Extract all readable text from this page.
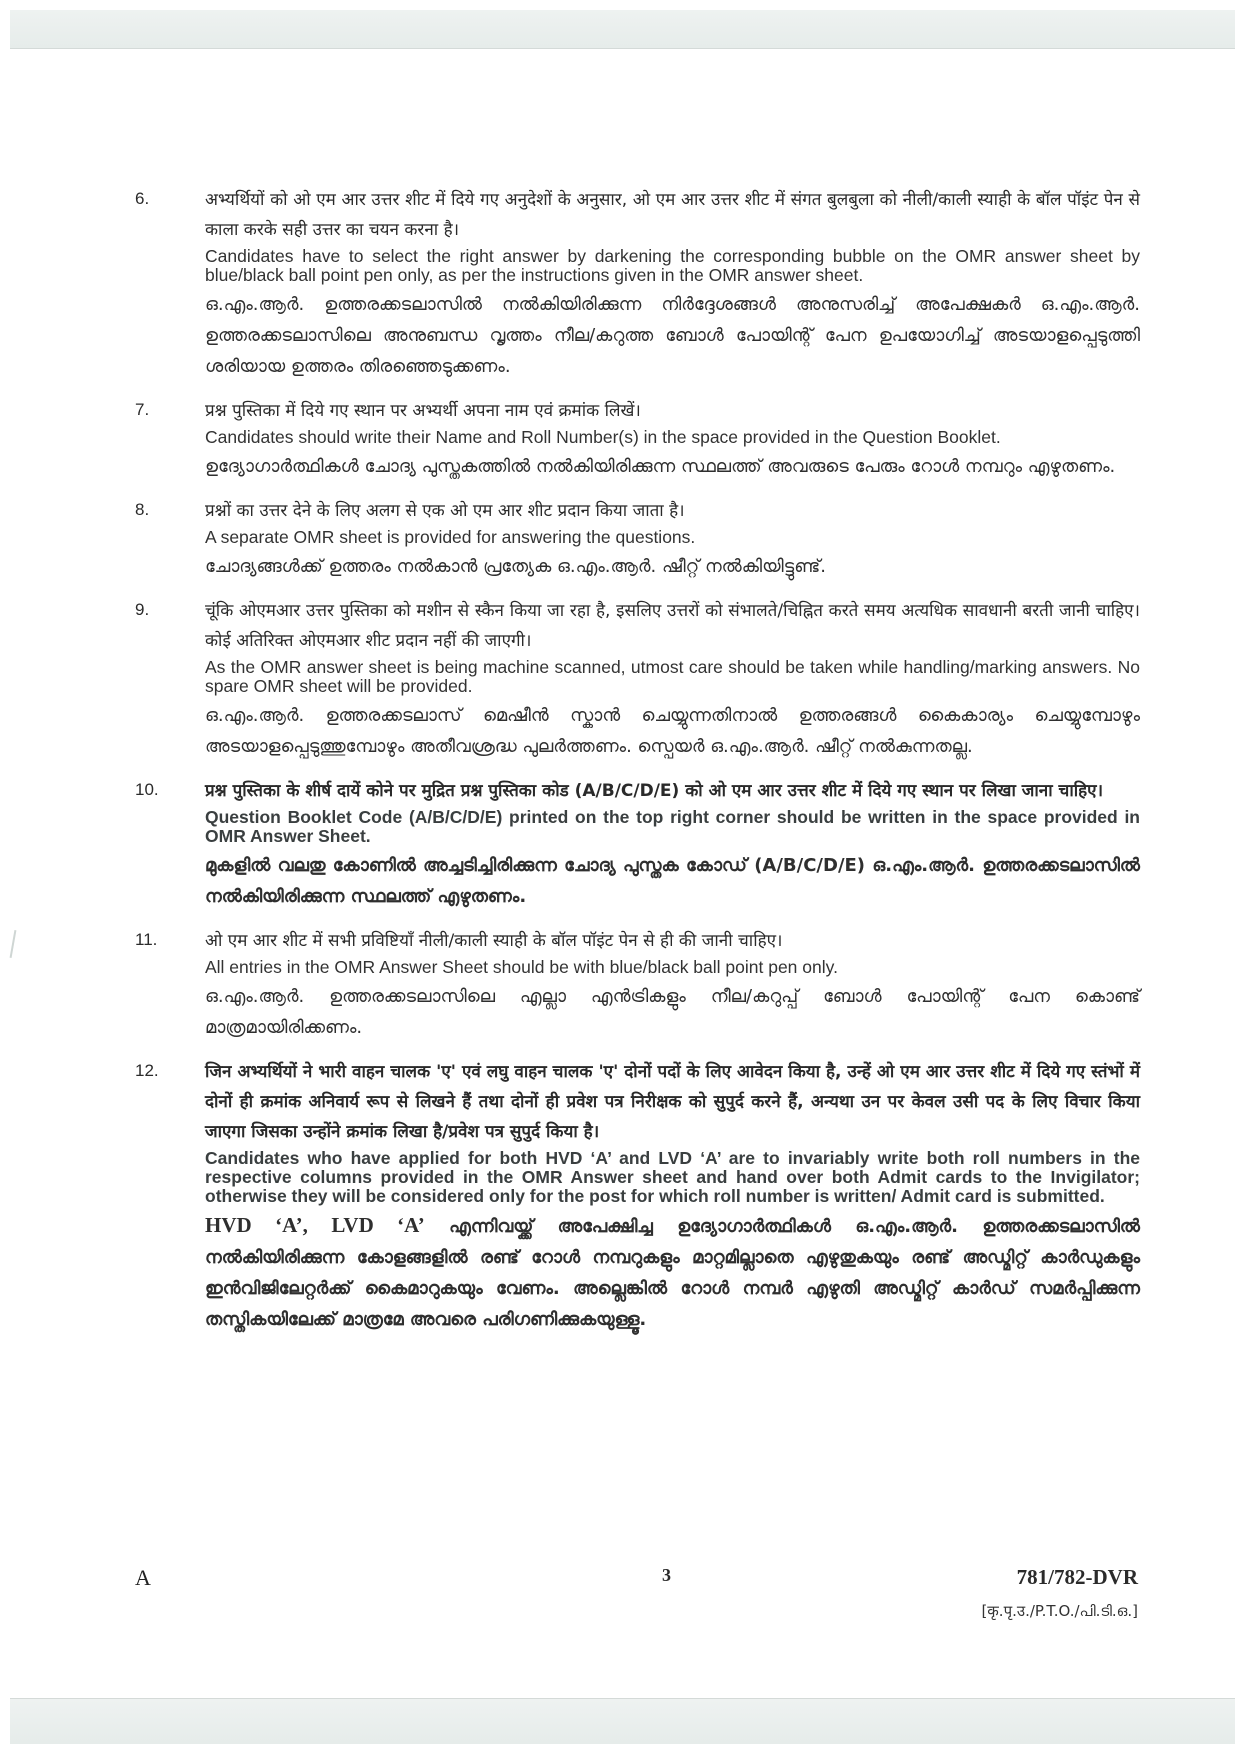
6.	अभ्यर्थियों को ओ एम आर उत्तर शीट में दिये गए अनुदेशों के अनुसार, ओ एम आर उत्तर शीट में संगत बुलबुला को नीली/काली स्याही के बॉल पॉइंट पेन से काला करके सही उत्तर का चयन करना है।
Candidates have to select the right answer by darkening the corresponding bubble on the OMR answer sheet by blue/black ball point pen only, as per the instructions given in the OMR answer sheet.
ഒ.എം.ആർ. ഉത്തരക്കടലാസിൽ നൽകിയിരിക്കുന്ന നിർദ്ദേശങ്ങൾ അനുസരിച്ച് അപേക്ഷകർ ഒ.എം.ആർ. ഉത്തരക്കടലാസിലെ അനുബന്ധ വൃത്തം നീല/കറുത്ത ബോൾ പോയിന്റ് പേന ഉപയോഗിച്ച് അടയാളപ്പെടുത്തി ശരിയായ ഉത്തരം തിരഞ്ഞെടുക്കണം.
7.	प्रश्न पुस्तिका में दिये गए स्थान पर अभ्यर्थी अपना नाम एवं क्रमांक लिखें।
Candidates should write their Name and Roll Number(s) in the space provided in the Question Booklet.
ഉദ്യോഗാർത്ഥികൾ ചോദ്യ പുസ്തകത്തിൽ നൽകിയിരിക്കുന്ന സ്ഥലത്ത് അവരുടെ പേരും റോൾ നമ്പറും എഴുതണം.
8.	प्रश्नों का उत्तर देने के लिए अलग से एक ओ एम आर शीट प्रदान किया जाता है।
A separate OMR sheet is provided for answering the questions.
ചോദ്യങ്ങൾക്ക് ഉത്തരം നൽകാൻ പ്രത്യേക ഒ.എം.ആർ. ഷീറ്റ് നൽകിയിട്ടുണ്ട്.
9.	चूंकि ओएमआर उत्तर पुस्तिका को मशीन से स्कैन किया जा रहा है, इसलिए उत्तरों को संभालते/चिह्नित करते समय अत्यधिक सावधानी बरती जानी चाहिए। कोई अतिरिक्त ओएमआर शीट प्रदान नहीं की जाएगी।
As the OMR answer sheet is being machine scanned, utmost care should be taken while handling/marking answers. No spare OMR sheet will be provided.
ഒ.എം.ആർ. ഉത്തരക്കടലാസ് മെഷീൻ സ്കാൻ ചെയ്യുന്നതിനാൽ ഉത്തരങ്ങൾ കൈകാര്യം ചെയ്യുമ്പോഴും അടയാളപ്പെടുത്തുമ്പോഴും അതീവശ്രദ്ധ പുലർത്തണം. സ്പെയർ ഒ.എം.ആർ. ഷീറ്റ് നൽകുന്നതല്ല.
10.	प्रश्न पुस्तिका के शीर्ष दायें कोने पर मुद्रित प्रश्न पुस्तिका कोड (A/B/C/D/E) को ओ एम आर उत्तर शीट में दिये गए स्थान पर लिखा जाना चाहिए।
Question Booklet Code (A/B/C/D/E) printed on the top right corner should be written in the space provided in OMR Answer Sheet.
മുകളിൽ വലതു കോണിൽ അച്ചടിച്ചിരിക്കുന്ന ചോദ്യ പുസ്തക കോഡ് (A/B/C/D/E) ഒ.എം.ആർ. ഉത്തരക്കടലാസിൽ നൽകിയിരിക്കുന്ന സ്ഥലത്ത് എഴുതണം.
11.	ओ एम आर शीट में सभी प्रविष्टियाँ नीली/काली स्याही के बॉल पॉइंट पेन से ही की जानी चाहिए।
All entries in the OMR Answer Sheet should be with blue/black ball point pen only.
ഒ.എം.ആർ. ഉത്തരക്കടലാസിലെ എല്ലാ എൻട്രികളും നീല/കറുപ്പ് ബോൾ പോയിന്റ് പേന കൊണ്ട് മാത്രമായിരിക്കണം.
12.	जिन अभ्यर्थियों ने भारी वाहन चालक 'ए' एवं लघु वाहन चालक 'ए' दोनों पदों के लिए आवेदन किया है, उन्हें ओ एम आर उत्तर शीट में दिये गए स्तंभों में दोनों ही क्रमांक अनिवार्य रूप से लिखने हैं तथा दोनों ही प्रवेश पत्र निरीक्षक को सुपुर्द करने हैं, अन्यथा उन पर केवल उसी पद के लिए विचार किया जाएगा जिसका उन्होंने क्रमांक लिखा है/प्रवेश पत्र सुपुर्द किया है।
Candidates who have applied for both HVD ‘A’ and LVD ‘A’ are to invariably write both roll numbers in the respective columns provided in the OMR Answer sheet and hand over both Admit cards to the Invigilator; otherwise they will be considered only for the post for which roll number is written/ Admit card is submitted.
HVD ‘A’, LVD ‘A’ എന്നിവയ്ക്ക് അപേക്ഷിച്ച ഉദ്യോഗാർത്ഥികൾ ഒ.എം.ആർ. ഉത്തരക്കടലാസിൽ നൽകിയിരിക്കുന്ന കോളങ്ങളിൽ രണ്ട് റോൾ നമ്പറുകളും മാറ്റമില്ലാതെ എഴുതുകയും രണ്ട് അഡ്മിറ്റ് കാർഡുകളും ഇൻവിജിലേറ്റർക്ക് കൈമാറുകയും വേണം. അല്ലെങ്കിൽ റോൾ നമ്പർ എഴുതി അഡ്മിറ്റ് കാർഡ് സമർപ്പിക്കുന്ന തസ്തികയിലേക്ക് മാത്രമേ അവരെ പരിഗണിക്കുകയുള്ളൂ.
A	3	781/782-DVR
[कृ.पृ.उ./P.T.O./പി.ടി.ഒ.]
